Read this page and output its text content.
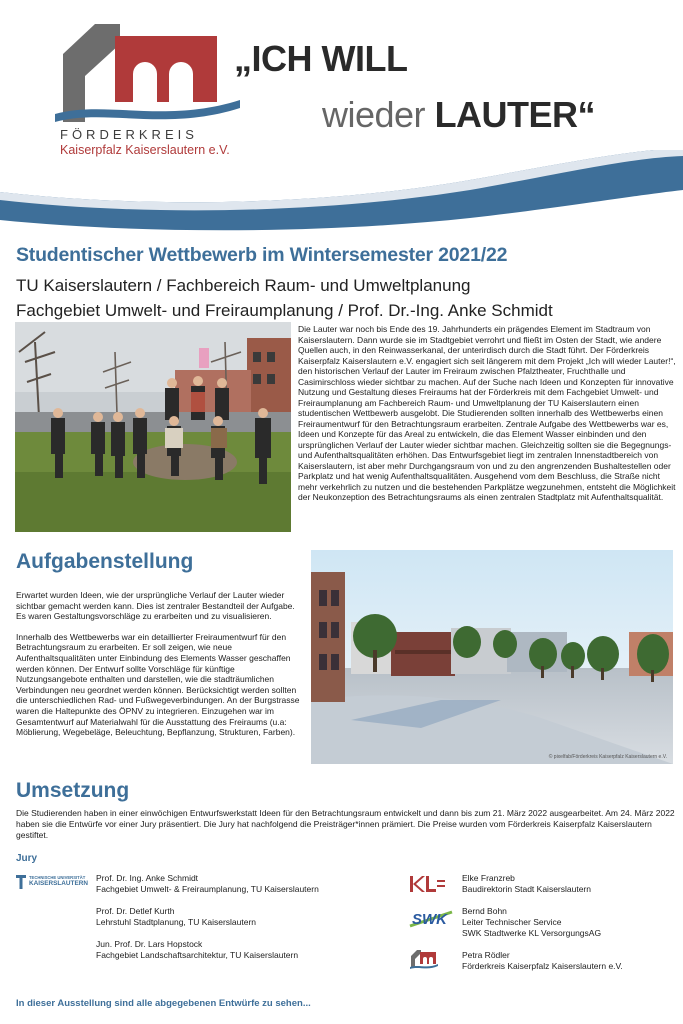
FÖRDERKREIS
Kaiserpfalz Kaiserslautern e.V.
„ICH WILL
wieder LAUTER“
Studentischer Wettbewerb im Wintersemester 2021/22
TU Kaiserslautern / Fachbereich Raum- und Umweltplanung
Fachgebiet Umwelt- und Freiraumplanung / Prof. Dr.-Ing. Anke Schmidt
Die Lauter war noch bis Ende des 19. Jahrhunderts ein prägendes Element im Stadtraum von Kaiserslautern. Dann wurde sie im Stadtgebiet verrohrt und fließt im Osten der Stadt, wie andere Quellen auch, in den Reinwasserkanal, der unterirdisch durch die Stadt führt. Der Förderkreis Kaiserpfalz Kaiserslautern e.V. engagiert sich seit längerem mit dem Projekt „Ich will wieder Lauter!“, den historischen Verlauf der Lauter im Freiraum zwischen Pfalztheater, Fruchthalle und Casimirschloss wieder sichtbar zu machen. Auf der Suche nach Ideen und Konzepten für innovative Nutzung und Gestaltung dieses Freiraums hat der Förderkreis mit dem Fachgebiet Umwelt- und Freiraumplanung am Fachbereich Raum- und Umweltplanung der TU Kaiserslautern einen studentischen Wettbewerb ausgelobt. Die Studierenden sollten innerhalb des Wettbewerbs einen Freiraumentwurf für den Betrachtungsraum erarbeiten. Zentrale Aufgabe des Wettbewerbs war es, Ideen und Konzepte für das Areal zu entwickeln, die das Element Wasser einbinden und den ursprünglichen Verlauf der Lauter wieder sichtbar machen. Gleichzeitig sollten sie die Begegnungs- und Aufenthaltsqualitäten erhöhen. Das Entwurfsgebiet liegt im zentralen Innenstadtbereich von Kaiserslautern, ist aber mehr Durchgangsraum von und zu den angrenzenden Bushaltestellen oder Parkplatz und hat wenig Aufenthaltsqualitäten. Ausgehend vom dem Beschluss, die Straße nicht mehr verkehrlich zu nutzen und die bestehenden Parkplätze wegzunehmen, entsteht die Möglichkeit der Neukonzeption des Betrachtungsraums als einen zentralen Stadtplatz mit Aufenthaltsqualität.
Aufgabenstellung

Erwartet wurden Ideen, wie der ursprüngliche Verlauf der Lauter wieder sichtbar gemacht werden kann. Dies ist zentraler Bestandteil der Aufgabe. Es waren Gestaltungsvorschläge zu erarbeiten und zu visualisieren.

Innerhalb des Wettbewerbs war ein detaillierter Freiraumentwurf für den Betrachtungsraum zu erarbeiten. Er soll zeigen, wie neue Aufenthaltsqualitäten unter Einbindung des Elements Wasser geschaffen werden können. Der Entwurf sollte Vorschläge für künftige Nutzungsangebote enthalten und darstellen, wie die stadträumlichen Verbindungen neu geordnet werden können. Berücksichtigt werden sollten die unterschiedlichen Rad- und Fußwegeverbindungen. An der Burgstrasse waren die Haltepunkte des ÖPNV zu integrieren. Einzugehen war im Gesamtentwurf auf Materialwahl für die Ausstattung des Freiraums (u.a: Möblierung, Wegebeläge, Beleuchtung, Bepflanzung, Strukturen, Farben).

© pixelfab/Förderkreis Kaiserpfalz Kaiserslautern e.V.
Umsetzung
Die Studierenden haben in einer einwöchigen Entwurfswerkstatt Ideen für den Betrachtungsraum entwickelt und dann bis zum 21. März 2022 ausgearbeitet. Am 24. März 2022 haben sie die Entwürfe vor einer Jury präsentiert. Die Jury hat nachfolgend die Preisträger*innen prämiert. Die Preise wurden vom Förderkreis Kaiserpfalz Kaiserslautern gestiftet.
Jury
TECHNISCHE UNIVERSITÄT
KAISERSLAUTERN
Prof. Dr. Ing. Anke Schmidt
Fachgebiet Umwelt- & Freiraumplanung, TU Kaiserslautern
Prof. Dr. Detlef Kurth
Lehrstuhl Stadtplanung, TU Kaiserslautern
Jun. Prof. Dr. Lars Hopstock
Fachgebiet Landschaftsarchitektur, TU Kaiserslautern
Elke Franzreb
Baudirektorin Stadt Kaiserslautern
SWK Bernd Bohn
Leiter Technischer Service
SWK Stadtwerke KL VersorgungsAG
Petra Rödler
Förderkreis Kaiserpfalz Kaiserslautern e.V.
In dieser Ausstellung sind alle abgegebenen Entwürfe zu sehen...
